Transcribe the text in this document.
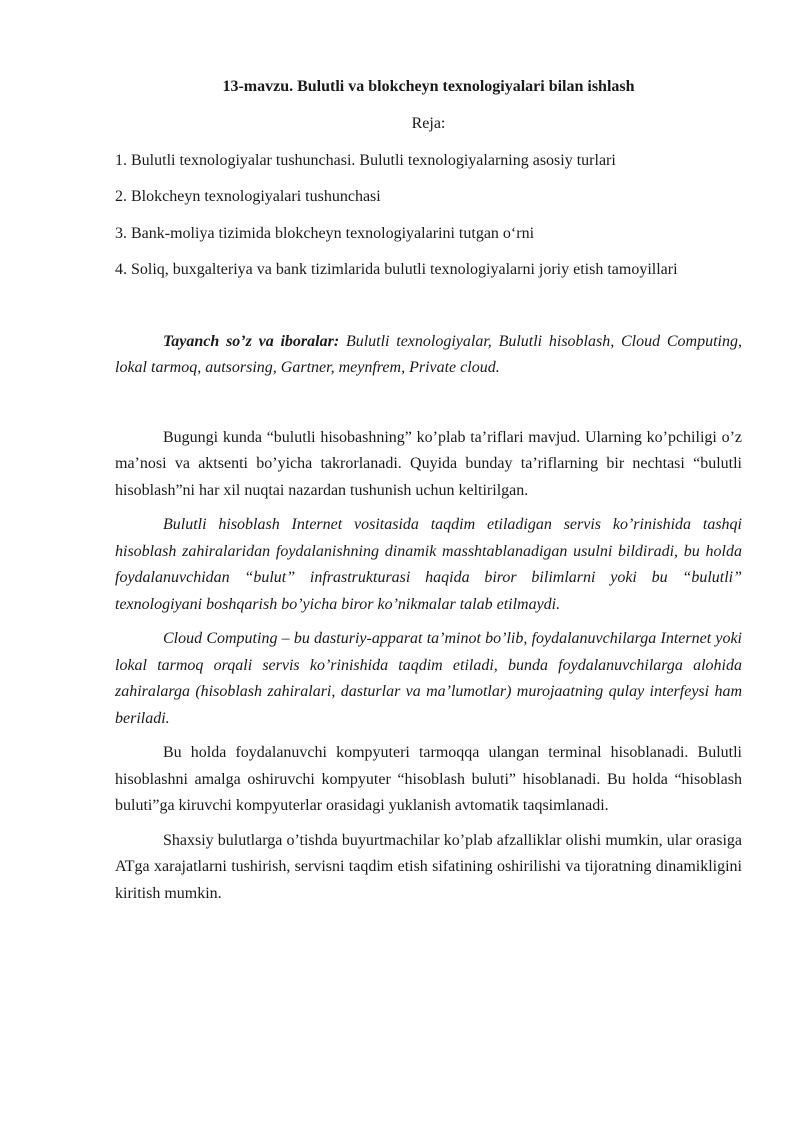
13-mavzu. Bulutli va blokcheyn texnologiyalari bilan ishlash

Reja:

1. Bulutli texnologiyalar tushunchasi. Bulutli texnologiyalarning asosiy turlari

2. Blokcheyn texnologiyalari tushunchasi

3. Bank-moliya tizimida blokcheyn texnologiyalarini tutgan o‘rni

4. Soliq, buxgalteriya va bank tizimlarida bulutli texnologiyalarni joriy etish tamoyillari

Tayanch so’z va iboralar: Bulutli texnologiyalar, Bulutli hisoblash, Cloud Computing, lokal tarmoq, autsorsing, Gartner, meynfrem, Private cloud.

Bugungi kunda “bulutli hisobashning” ko’plab ta’riflari mavjud. Ularning ko’pchiligi o’z ma’nosi va aktsenti bo’yicha takrorlanadi. Quyida bunday ta’riflarning bir nechtasi “bulutli hisoblash”ni har xil nuqtai nazardan tushunish uchun keltirilgan.

Bulutli hisoblash Internet vositasida taqdim etiladigan servis ko’rinishida tashqi hisoblash zahiralaridan foydalanishning dinamik masshtablanadigan usulni bildiradi, bu holda foydalanuvchidan “bulut” infrastrukturasi haqida biror bilimlarni yoki bu “bulutli” texnologiyani boshqarish bo’yicha biror ko’nikmalar talab etilmaydi.

Cloud Computing – bu dasturiy-apparat ta’minot bo’lib, foydalanuvchilarga Internet yoki lokal tarmoq orqali servis ko’rinishida taqdim etiladi, bunda foydalanuvchilarga alohida zahiralarga (hisoblash zahiralari, dasturlar va ma’lumotlar) murojaatning qulay interfeysi ham beriladi.

Bu holda foydalanuvchi kompyuteri tarmoqqa ulangan terminal hisoblanadi. Bulutli hisoblashni amalga oshiruvchi kompyuter “hisoblash buluti” hisoblanadi. Bu holda “hisoblash buluti”ga kiruvchi kompyuterlar orasidagi yuklanish avtomatik taqsimlanadi.

Shaxsiy bulutlarga o’tishda buyurtmachilar ko’plab afzalliklar olishi mumkin, ular orasiga ATga xarajatlarni tushirish, servisni taqdim etish sifatining oshirilishi va tijoratning dinamikligini kiritish mumkin.
